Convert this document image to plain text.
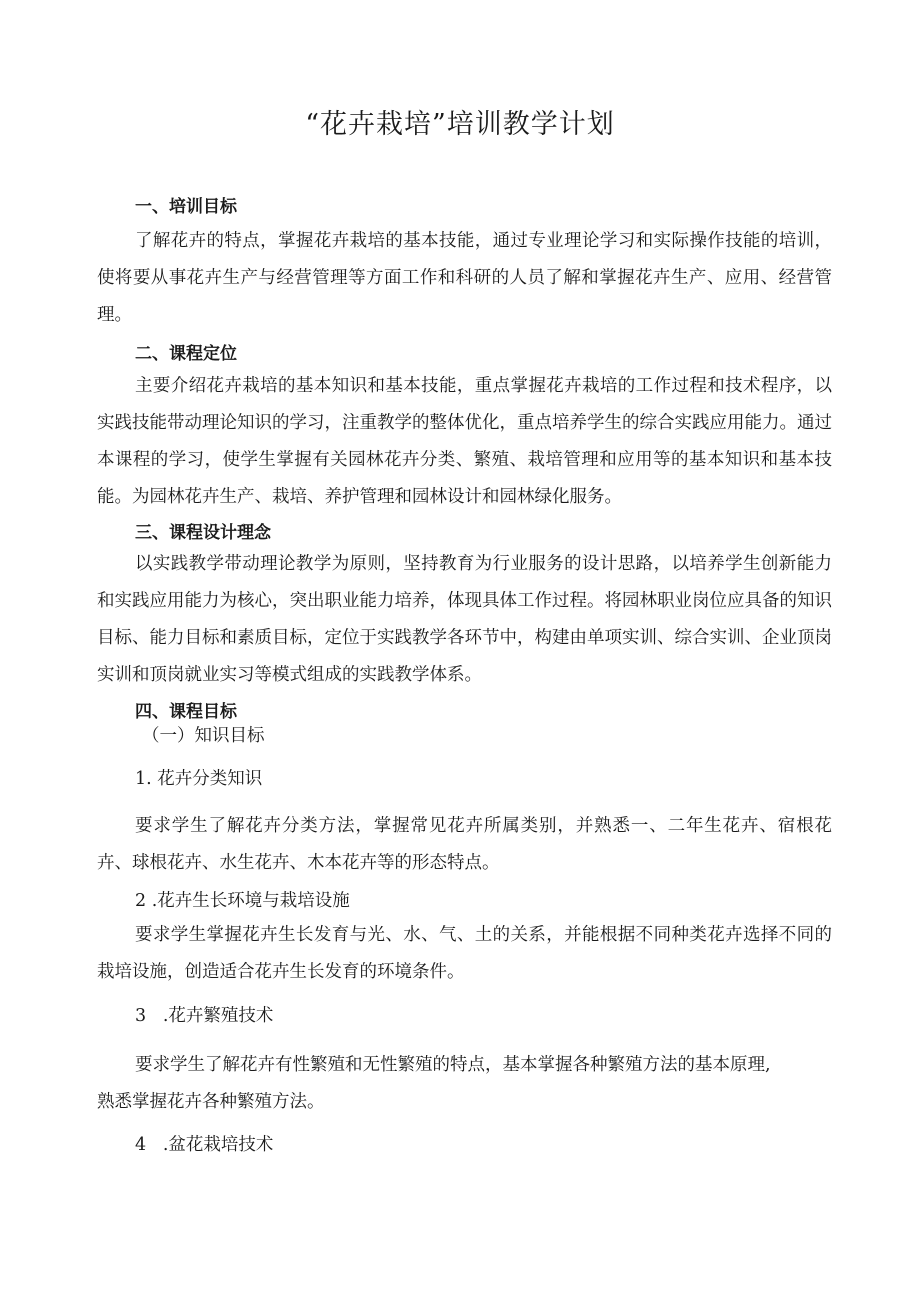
“花卉栽培”培训教学计划
一、培训目标
了解花卉的特点，掌握花卉栽培的基本技能，通过专业理论学习和实际操作技能的培训，使将要从事花卉生产与经营管理等方面工作和科研的人员了解和掌握花卉生产、应用、经营管理。
二、课程定位
主要介绍花卉栽培的基本知识和基本技能，重点掌握花卉栽培的工作过程和技术程序，以实践技能带动理论知识的学习，注重教学的整体优化，重点培养学生的综合实践应用能力。通过本课程的学习，使学生掌握有关园林花卉分类、繁殖、栽培管理和应用等的基本知识和基本技能。为园林花卉生产、栽培、养护管理和园林设计和园林绿化服务。
三、课程设计理念
以实践教学带动理论教学为原则，坚持教育为行业服务的设计思路，以培养学生创新能力和实践应用能力为核心，突出职业能力培养，体现具体工作过程。将园林职业岗位应具备的知识目标、能力目标和素质目标，定位于实践教学各环节中，构建由单项实训、综合实训、企业顶岗实训和顶岗就业实习等模式组成的实践教学体系。
四、课程目标
（一）知识目标
1. 花卉分类知识
要求学生了解花卉分类方法，掌握常见花卉所属类别，并熟悉一、二年生花卉、宿根花卉、球根花卉、水生花卉、木本花卉等的形态特点。
2 .花卉生长环境与栽培设施
要求学生掌握花卉生长发育与光、水、气、土的关系，并能根据不同种类花卉选择不同的栽培设施，创造适合花卉生长发育的环境条件。
3   .花卉繁殖技术
要求学生了解花卉有性繁殖和无性繁殖的特点，基本掌握各种繁殖方法的基本原理,
熟悉掌握花卉各种繁殖方法。
4   .盆花栽培技术
